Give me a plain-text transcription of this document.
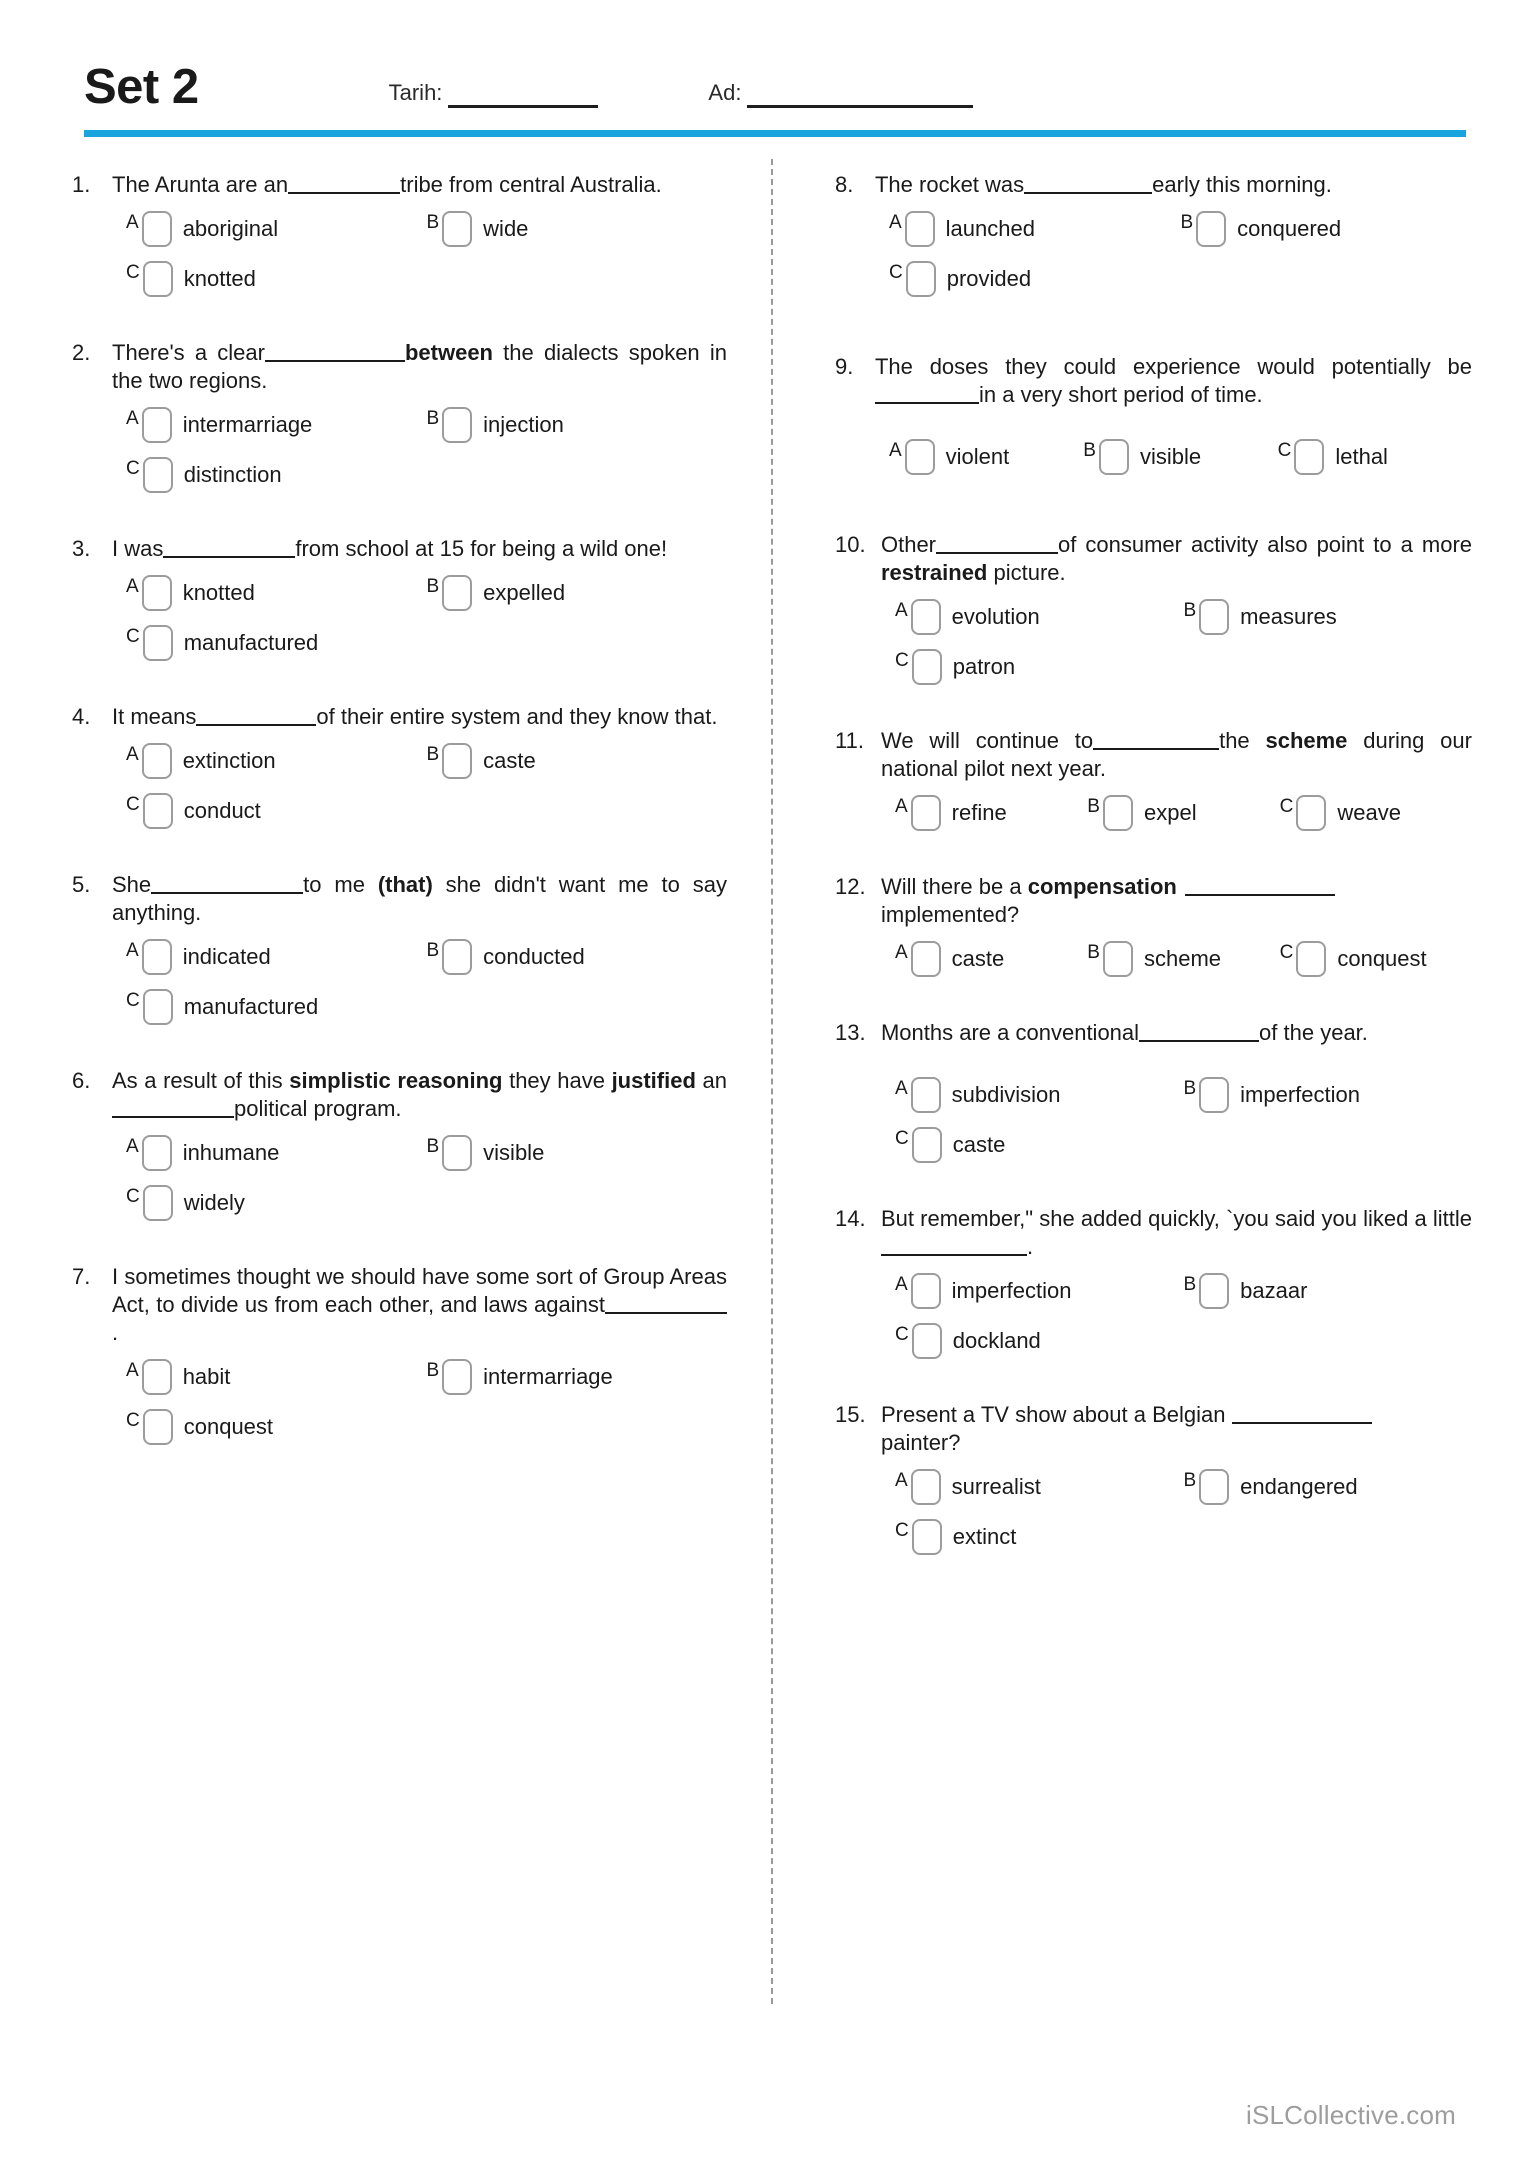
Set 2	Tarih:	Ad:
1. The Arunta are an	tribe from central Australia.

A aboriginal	B wide
C knotted
2. There's a clear	between the dialects spoken in the two regions.

A intermarriage	B injection
C distinction
3. I was	from school at 15 for being a wild one!

A knotted	B expelled
C manufactured
4. It means	of their entire system and they know that.

A extinction	B caste
C conduct
5. She	to me (that) she didn't want me to say anything.

A indicated	B conducted
C manufactured
6. As a result of this simplistic reasoning they have justified anpolitical program.

A inhumane	B visible
C widely
7. I sometimes thought we should have some sort of Group Areas Act, to divide us from each other, and laws against.

A habit	B intermarriage
C conquest
8. The rocket was	early this morning.

A launched	B conquered
C provided
9. The doses they could experience would potentially bein a very short period of time.

A violent	B visible	C lethal
10. Other	of consumer activity also point to a more restrained picture.

A evolution	B measures
C patron
11. We will continue to	the scheme during our national pilot next year.

A refine	B expel	C weave
12. Will there be a compensation
implemented?

A caste	B scheme	C conquest
13. Months are a conventional	of the year.

A subdivision	B imperfection
C caste
14. But remember," she added quickly, `you said you liked a little.

A imperfection	B bazaar
C dockland
15. Present a TV show about a Belgian
painter?

A surrealist	B endangered
C extinct
iSLCollective.com
